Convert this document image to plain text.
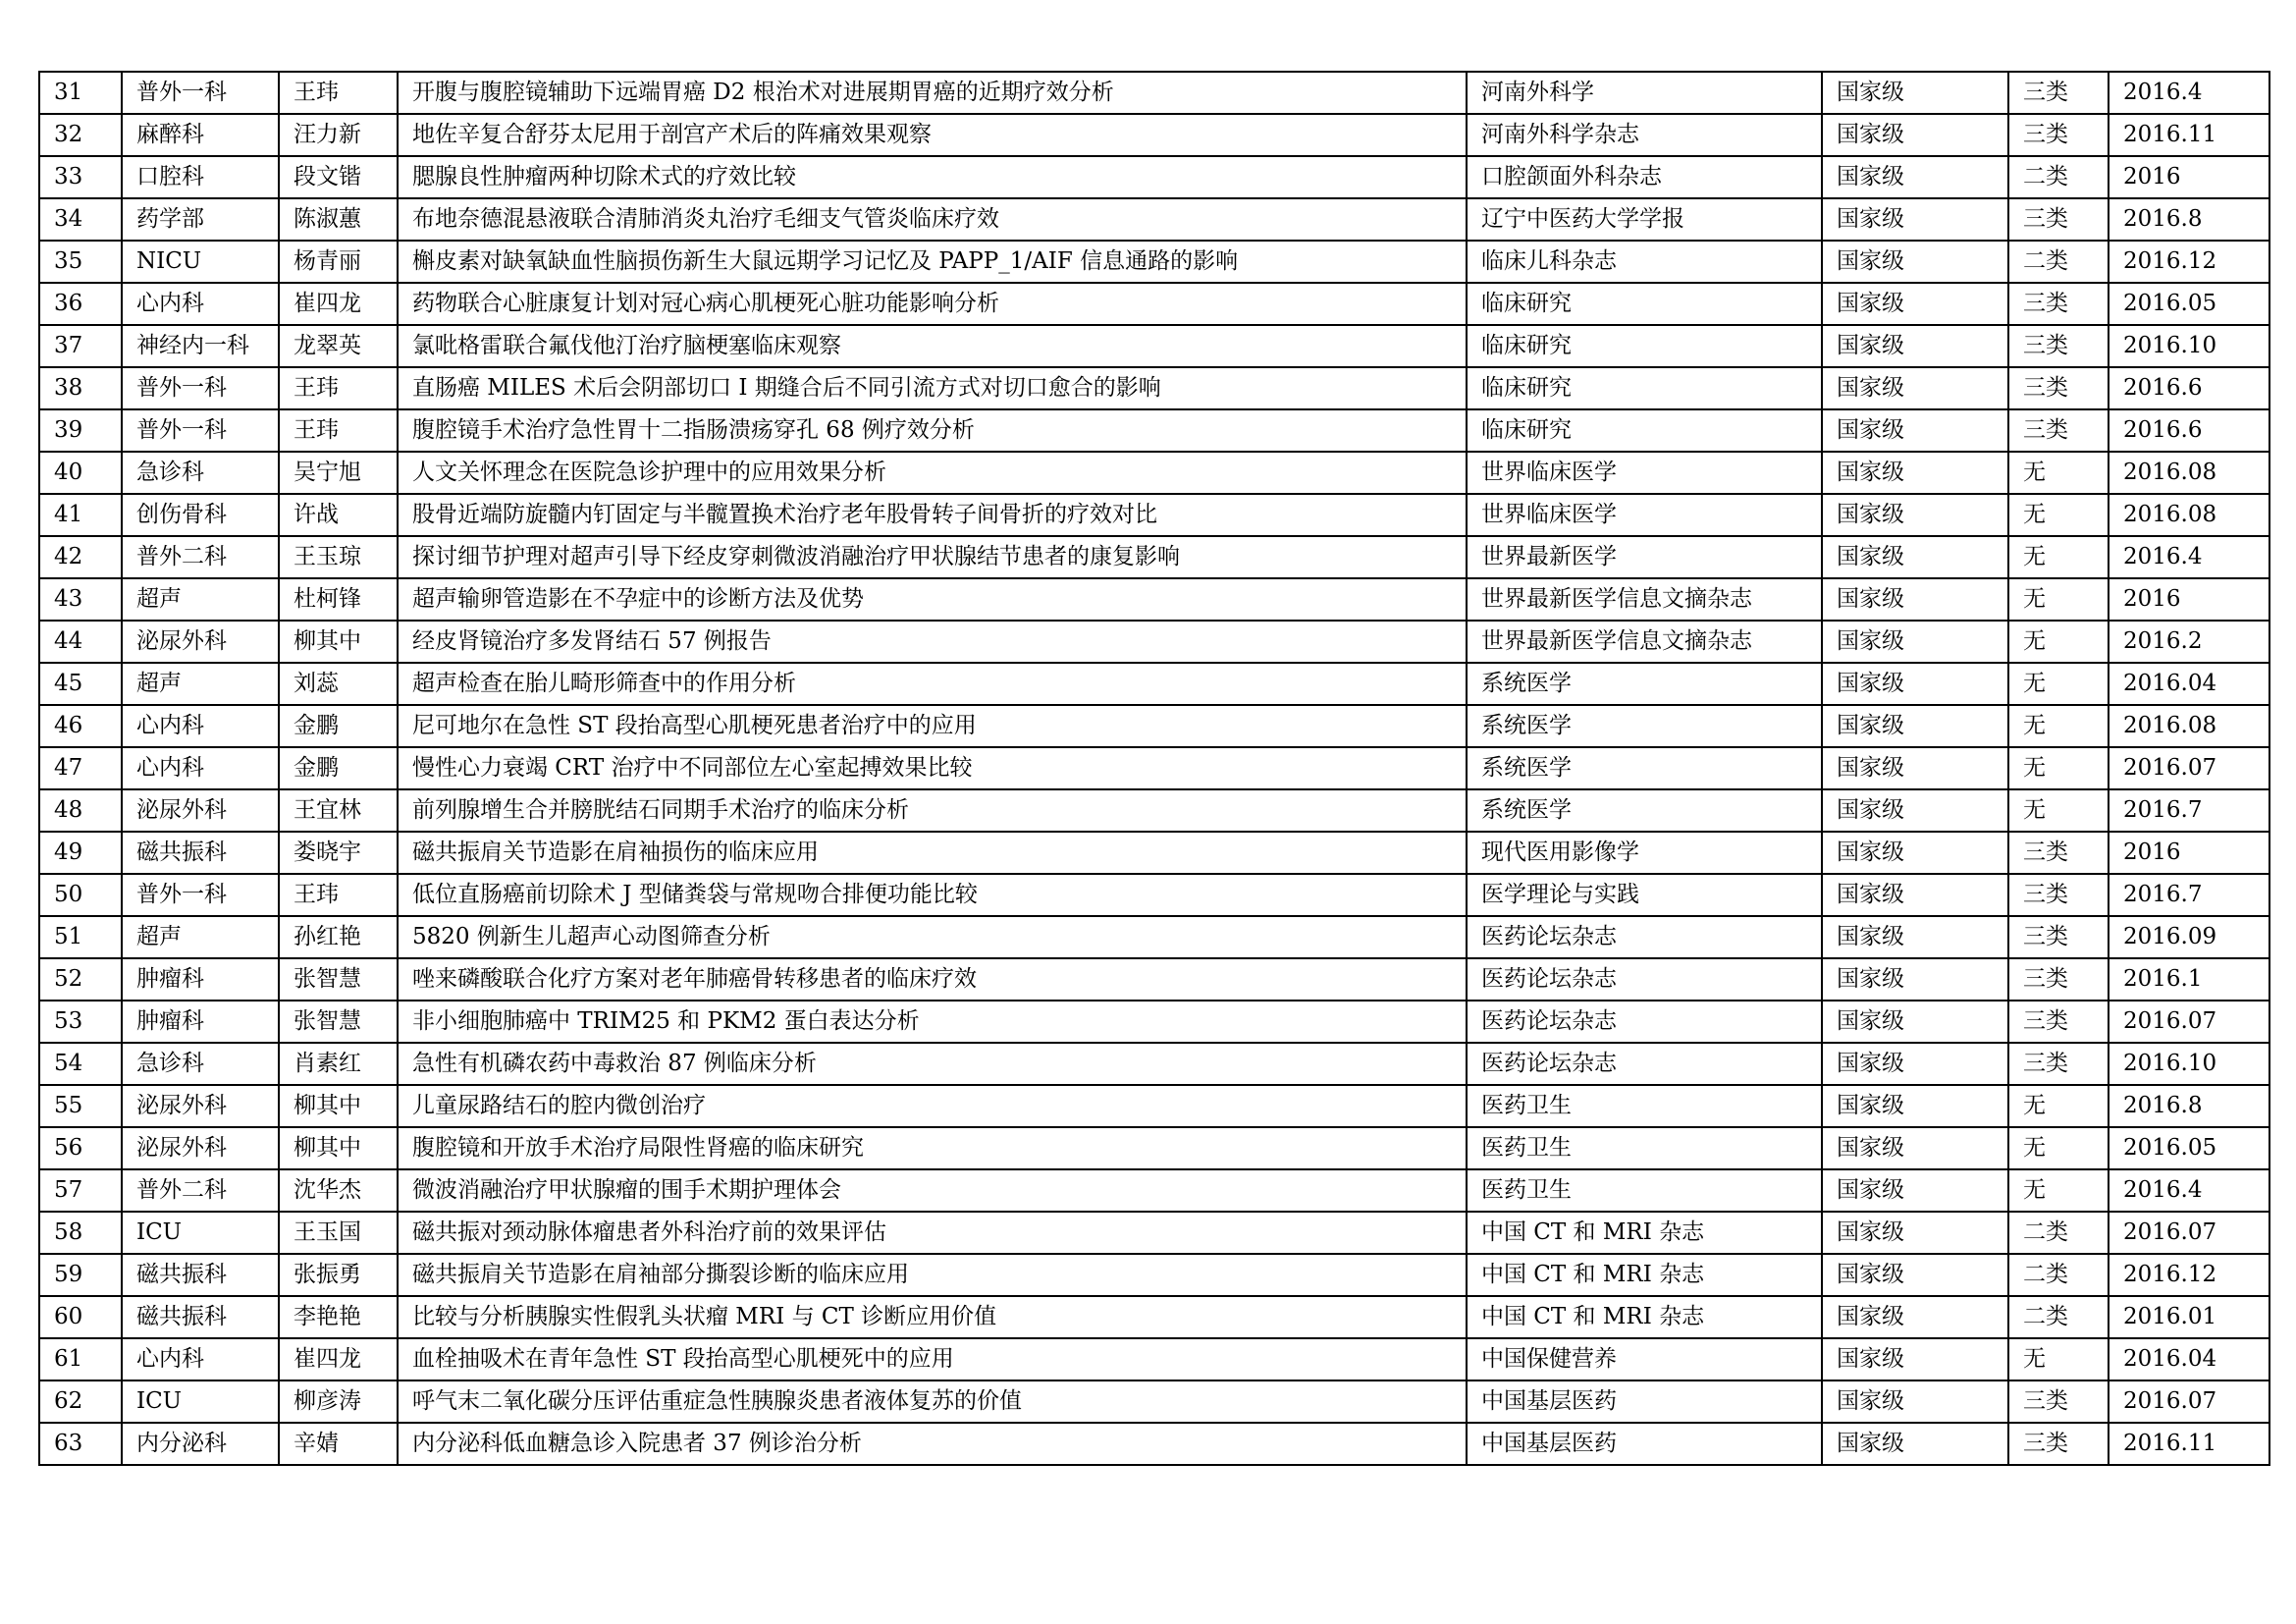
31	普外一科	王玮	开腹与腹腔镜辅助下远端胃癌 D2 根治术对进展期胃癌的近期疗效分析	河南外科学	国家级	三类	2016.4
32	麻醉科	汪力新	地佐辛复合舒芬太尼用于剖宫产术后的阵痛效果观察	河南外科学杂志	国家级	三类	2016.11
33	口腔科	段文锴	腮腺良性肿瘤两种切除术式的疗效比较	口腔颌面外科杂志	国家级	二类	2016
34	药学部	陈淑蕙	布地奈德混悬液联合清肺消炎丸治疗毛细支气管炎临床疗效	辽宁中医药大学学报	国家级	三类	2016.8
35	NICU	杨青丽	槲皮素对缺氧缺血性脑损伤新生大鼠远期学习记忆及 PAPP_1/AIF 信息通路的影响	临床儿科杂志	国家级	二类	2016.12
36	心内科	崔四龙	药物联合心脏康复计划对冠心病心肌梗死心脏功能影响分析	临床研究	国家级	三类	2016.05
37	神经内一科	龙翠英	氯吡格雷联合氟伐他汀治疗脑梗塞临床观察	临床研究	国家级	三类	2016.10
38	普外一科	王玮	直肠癌 MILES 术后会阴部切口 I 期缝合后不同引流方式对切口愈合的影响	临床研究	国家级	三类	2016.6
39	普外一科	王玮	腹腔镜手术治疗急性胃十二指肠溃疡穿孔 68 例疗效分析	临床研究	国家级	三类	2016.6
40	急诊科	吴宁旭	人文关怀理念在医院急诊护理中的应用效果分析	世界临床医学	国家级	无	2016.08
41	创伤骨科	许战	股骨近端防旋髓内钉固定与半髋置换术治疗老年股骨转子间骨折的疗效对比	世界临床医学	国家级	无	2016.08
42	普外二科	王玉琼	探讨细节护理对超声引导下经皮穿刺微波消融治疗甲状腺结节患者的康复影响	世界最新医学	国家级	无	2016.4
43	超声	杜柯锋	超声输卵管造影在不孕症中的诊断方法及优势	世界最新医学信息文摘杂志	国家级	无	2016
44	泌尿外科	柳其中	经皮肾镜治疗多发肾结石 57 例报告	世界最新医学信息文摘杂志	国家级	无	2016.2
45	超声	刘蕊	超声检查在胎儿畸形筛查中的作用分析	系统医学	国家级	无	2016.04
46	心内科	金鹏	尼可地尔在急性 ST 段抬高型心肌梗死患者治疗中的应用	系统医学	国家级	无	2016.08
47	心内科	金鹏	慢性心力衰竭 CRT 治疗中不同部位左心室起搏效果比较	系统医学	国家级	无	2016.07
48	泌尿外科	王宜林	前列腺增生合并膀胱结石同期手术治疗的临床分析	系统医学	国家级	无	2016.7
49	磁共振科	娄晓宇	磁共振肩关节造影在肩袖损伤的临床应用	现代医用影像学	国家级	三类	2016
50	普外一科	王玮	低位直肠癌前切除术 J 型储粪袋与常规吻合排便功能比较	医学理论与实践	国家级	三类	2016.7
51	超声	孙红艳	5820 例新生儿超声心动图筛查分析	医药论坛杂志	国家级	三类	2016.09
52	肿瘤科	张智慧	唑来磷酸联合化疗方案对老年肺癌骨转移患者的临床疗效	医药论坛杂志	国家级	三类	2016.1
53	肿瘤科	张智慧	非小细胞肺癌中 TRIM25 和 PKM2 蛋白表达分析	医药论坛杂志	国家级	三类	2016.07
54	急诊科	肖素红	急性有机磷农药中毒救治 87 例临床分析	医药论坛杂志	国家级	三类	2016.10
55	泌尿外科	柳其中	儿童尿路结石的腔内微创治疗	医药卫生	国家级	无	2016.8
56	泌尿外科	柳其中	腹腔镜和开放手术治疗局限性肾癌的临床研究	医药卫生	国家级	无	2016.05
57	普外二科	沈华杰	微波消融治疗甲状腺瘤的围手术期护理体会	医药卫生	国家级	无	2016.4
58	ICU	王玉国	磁共振对颈动脉体瘤患者外科治疗前的效果评估	中国 CT 和 MRI 杂志	国家级	二类	2016.07
59	磁共振科	张振勇	磁共振肩关节造影在肩袖部分撕裂诊断的临床应用	中国 CT 和 MRI 杂志	国家级	二类	2016.12
60	磁共振科	李艳艳	比较与分析胰腺实性假乳头状瘤 MRI 与 CT 诊断应用价值	中国 CT 和 MRI 杂志	国家级	二类	2016.01
61	心内科	崔四龙	血栓抽吸术在青年急性 ST 段抬高型心肌梗死中的应用	中国保健营养	国家级	无	2016.04
62	ICU	柳彦涛	呼气末二氧化碳分压评估重症急性胰腺炎患者液体复苏的价值	中国基层医药	国家级	三类	2016.07
63	内分泌科	辛婧	内分泌科低血糖急诊入院患者 37 例诊治分析	中国基层医药	国家级	三类	2016.11
